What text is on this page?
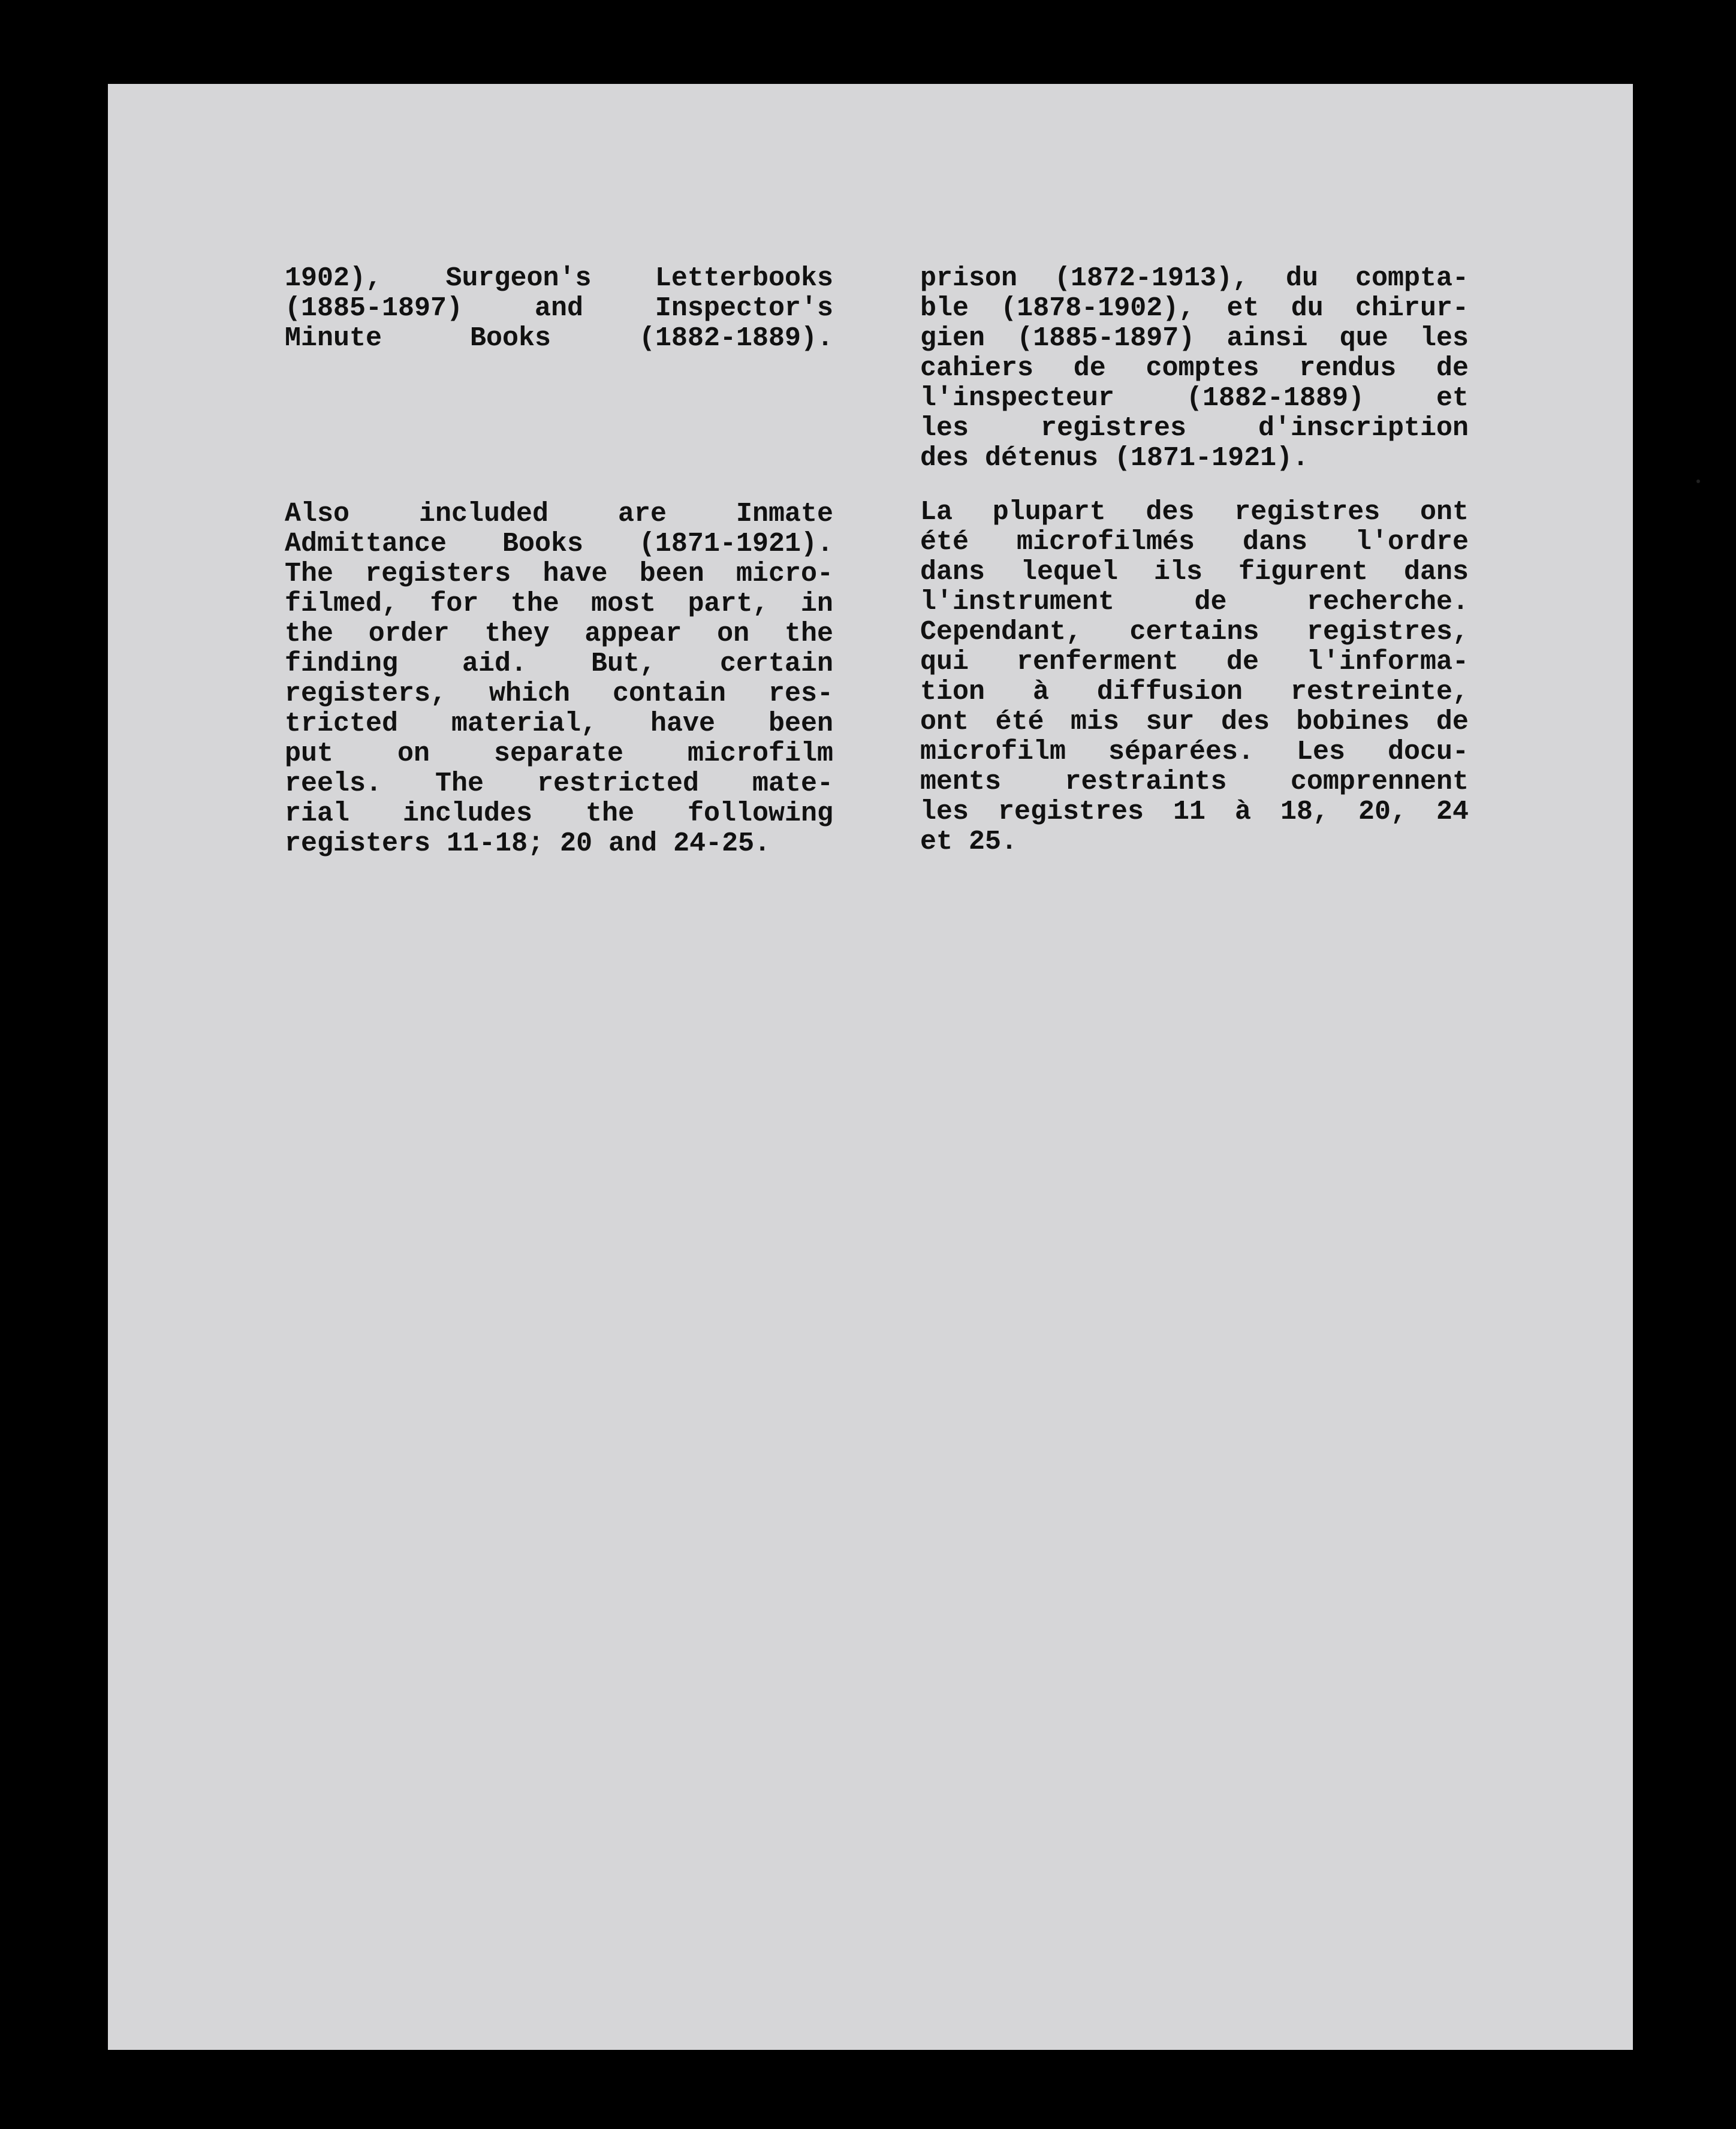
1902), Surgeon's Letterbooks
(1885-1897)	and	Inspector's
Minute	Books	(1882-1889).
Also	included	are	Inmate
Admittance Books (1871-1921).
The registers have been micro-
filmed, for the most part, in
the order they appear on the
finding aid. But, certain
registers, which contain res-
tricted material, have been
put on separate microfilm
reels. The restricted mate-
rial includes the following
registers 11-18; 20 and 24-25.
prison (1872-1913), du compta-
ble (1878-1902), et du chirur-
gien (1885-1897) ainsi que les
cahiers de comptes rendus de
l'inspecteur	(1882-1889)	et
les	registres	d'inscription
des détenus (1871-1921).
La plupart des registres ont
été microfilmés dans l'ordre
dans lequel ils figurent dans
l'instrument	de	recherche.
Cependant, certains registres,
qui renferment de l'informa-
tion à diffusion restreinte,
ont été mis sur des bobines de
microfilm séparées. Les docu-
ments restraints comprennent
les registres 11 à 18, 20, 24
et 25.
